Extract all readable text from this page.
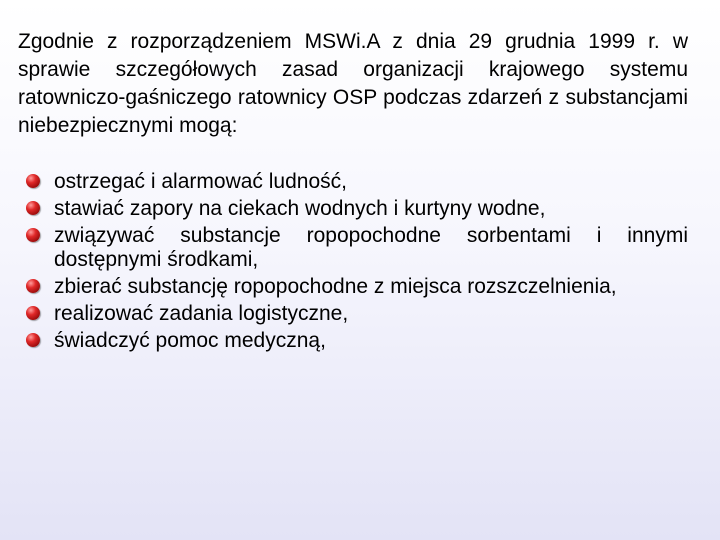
Zgodnie z rozporządzeniem MSWi.A z dnia 29 grudnia 1999 r. w sprawie szczegółowych zasad organizacji krajowego systemu ratowniczo-gaśniczego ratownicy OSP podczas zdarzeń z substancjami niebezpiecznymi mogą:

ostrzegać i alarmować ludność,
stawiać zapory na ciekach wodnych i kurtyny wodne,
związywać substancje ropopochodne sorbentami i innymi dostępnymi środkami,
zbierać substancję ropopochodne z miejsca rozszczelnienia,
realizować zadania logistyczne,
świadczyć pomoc medyczną,
